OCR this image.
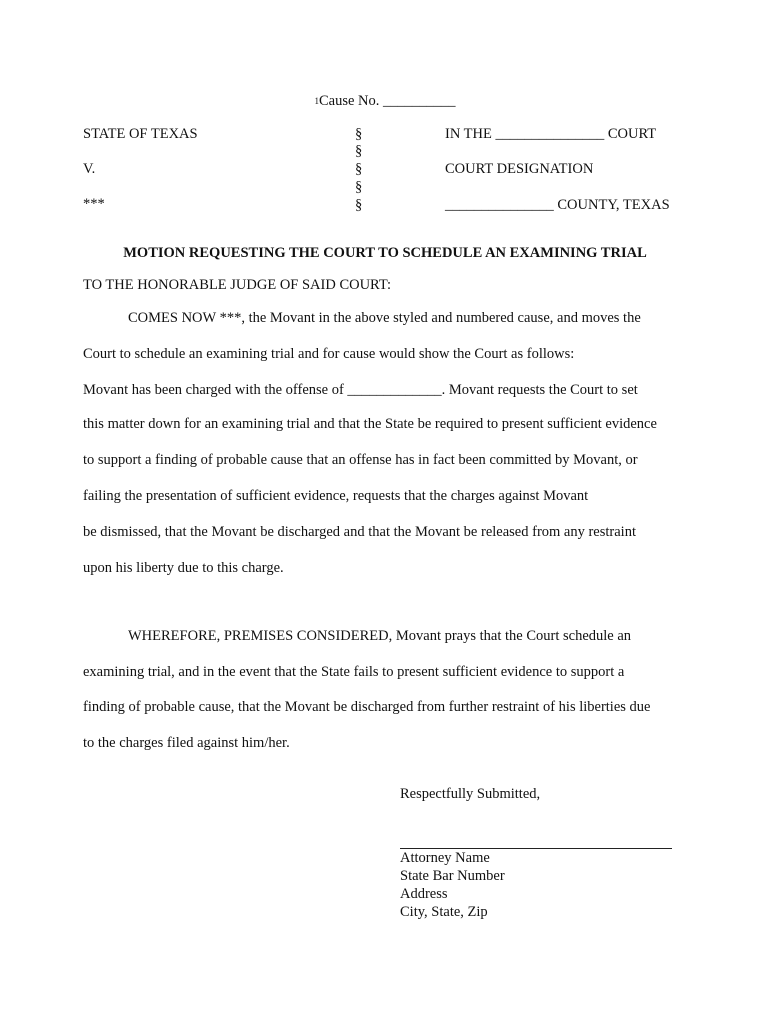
1Cause No. __________
STATE OF TEXAS
V.
***
§
§
§
§
§
IN THE _______________ COURT
COURT DESIGNATION
_______________ COUNTY, TEXAS
MOTION REQUESTING THE COURT TO SCHEDULE AN EXAMINING TRIAL
TO THE HONORABLE JUDGE OF SAID COURT:
COMES NOW ***, the Movant in the above styled and numbered cause, and moves the
Court to schedule an examining trial and for cause would show the Court as follows:
Movant has been charged with the offense of _____________. Movant requests the Court to set
this matter down for an examining trial and that the State be required to present sufficient evidence
to support a finding of probable cause that an offense has in fact been committed by Movant, or
failing the presentation of sufficient evidence, requests that the charges against Movant
be dismissed, that the Movant be discharged and that the Movant be released from any restraint
upon his liberty due to this charge.
WHEREFORE, PREMISES CONSIDERED, Movant prays that the Court schedule an
examining trial, and in the event that the State fails to present sufficient evidence to support a
finding of probable cause, that the Movant be discharged from further restraint of his liberties due
to the charges filed against him/her.
Respectfully Submitted,
Attorney Name
State Bar Number
Address
City, State, Zip
